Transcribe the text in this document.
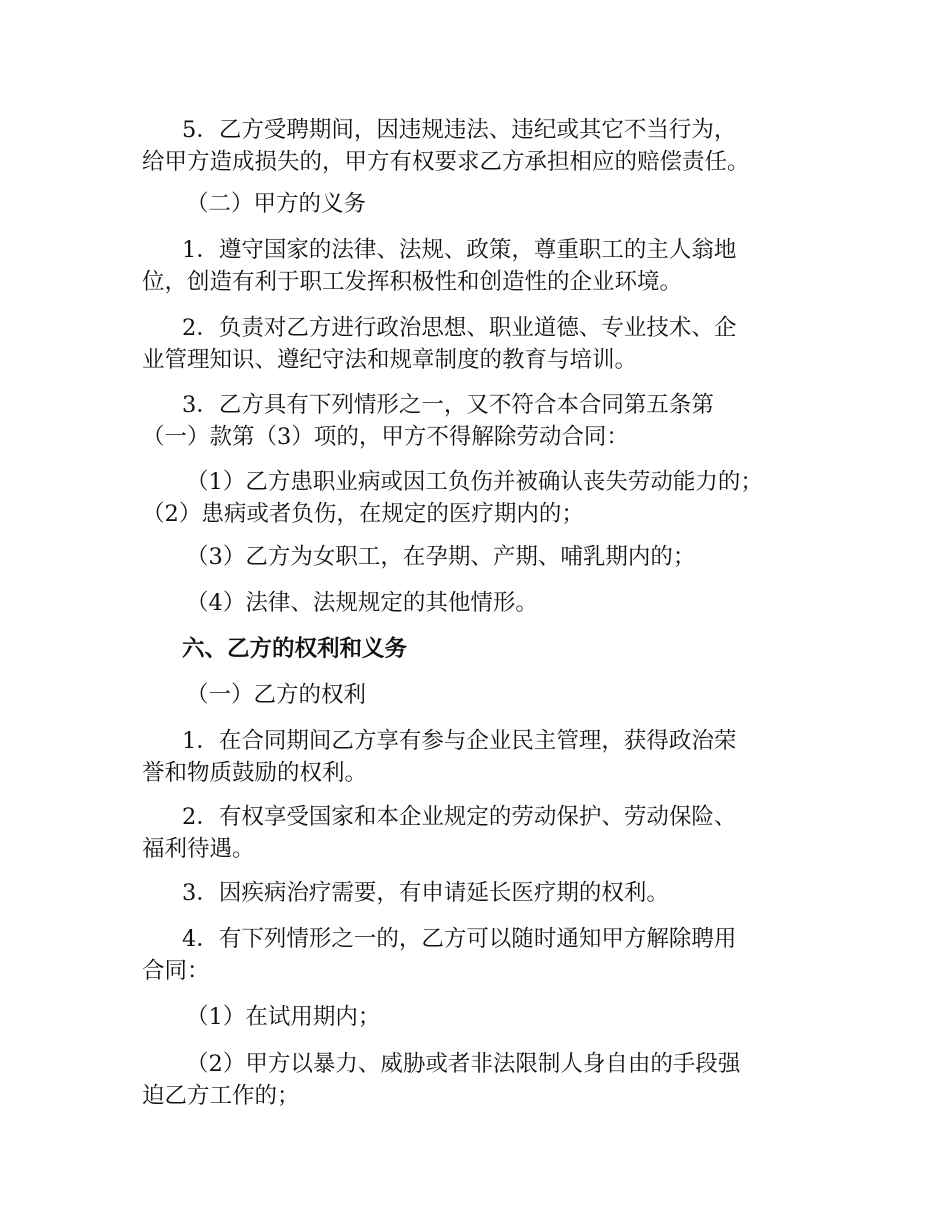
5．乙方受聘期间，因违规违法、违纪或其它不当行为，
给甲方造成损失的，甲方有权要求乙方承担相应的赔偿责任。

（二）甲方的义务

1．遵守国家的法律、法规、政策，尊重职工的主人翁地
位，创造有利于职工发挥积极性和创造性的企业环境。

2．负责对乙方进行政治思想、职业道德、专业技术、企
业管理知识、遵纪守法和规章制度的教育与培训。

3．乙方具有下列情形之一，又不符合本合同第五条第
（一）款第（3）项的，甲方不得解除劳动合同：

（1）乙方患职业病或因工负伤并被确认丧失劳动能力的；
（2）患病或者负伤，在规定的医疗期内的；

（3）乙方为女职工，在孕期、产期、哺乳期内的；

（4）法律、法规规定的其他情形。

六、乙方的权利和义务

（一）乙方的权利

1．在合同期间乙方享有参与企业民主管理，获得政治荣
誉和物质鼓励的权利。

2．有权享受国家和本企业规定的劳动保护、劳动保险、
福利待遇。

3．因疾病治疗需要，有申请延长医疗期的权利。

4．有下列情形之一的，乙方可以随时通知甲方解除聘用
合同：

（1）在试用期内；

（2）甲方以暴力、威胁或者非法限制人身自由的手段强
迫乙方工作的；
